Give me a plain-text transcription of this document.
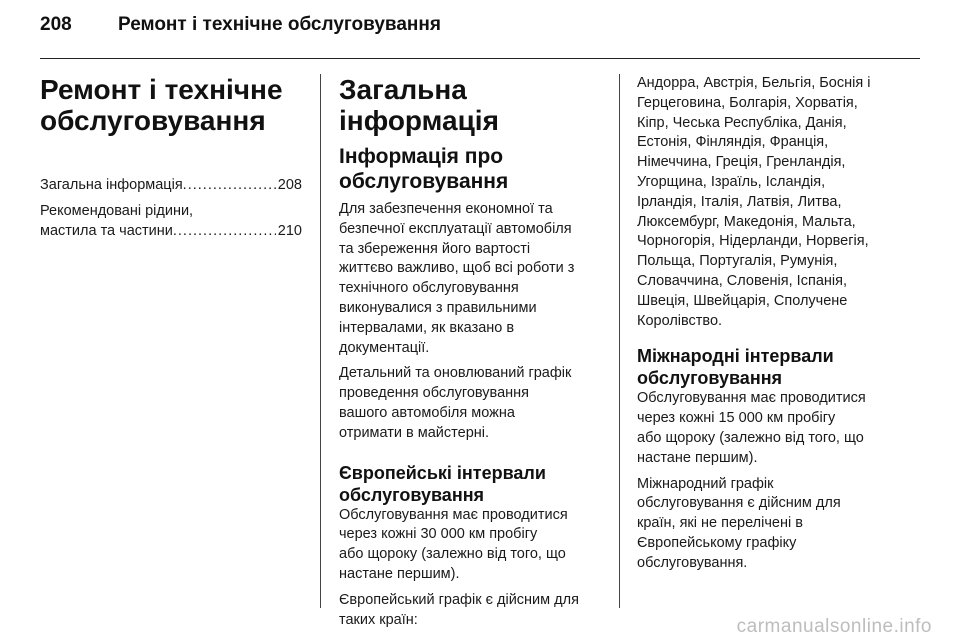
208 Ремонт і технічне обслуговування
Ремонт і технічне
обслуговування
Загальна інформація .....	208
Рекомендовані рідини,
мастила та частини .....	210
Загальна інформація
Інформація про
обслуговування
Для забезпечення економної та
безпечної експлуатації автомобіля
та збереження його вартості
життєво важливо, щоб всі роботи з
технічного обслуговування
виконувалися з правильними
інтервалами, як вказано в
документації.
Детальний та оновлюваний графік
проведення обслуговування
вашого автомобіля можна
отримати в майстерні.
Європейські інтервали
обслуговування
Обслуговування має проводитися
через кожні 30 000 км пробігу
або щороку (залежно від того, що
настане першим).
Європейський графік є дійсним для
таких країн:
Андорра, Австрія, Бельгія, Боснія і
Герцеговина, Болгарія, Хорватія,
Кіпр, Чеська Республіка, Данія,
Естонія, Фінляндія, Франція,
Німеччина, Греція, Гренландія,
Угорщина, Ізраїль, Ісландія,
Ірландія, Італія, Латвія, Литва,
Люксембург, Македонія, Мальта,
Чорногорія, Нідерланди, Норвегія,
Польща, Португалія, Румунія,
Словаччина, Словенія, Іспанія,
Швеція, Швейцарія, Сполучене
Королівство.
Міжнародні інтервали
обслуговування
Обслуговування має проводитися
через кожні 15 000 км пробігу
або щороку (залежно від того, що
настане першим).
Міжнародний графік
обслуговування є дійсним для
країн, які не перелічені в
Європейському графіку
обслуговування.
carmanualsonline.info
